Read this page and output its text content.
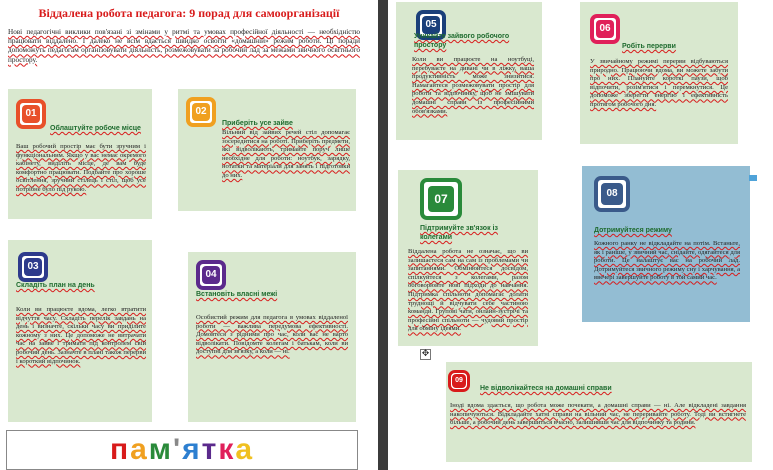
Віддалена робота педагога: 9 порад для самоорганізації
Нові педагогічні виклики пов'язані зі змінами у ритмі та умовах професійної діяльності — необхідністю працювати віддалено. І далеко не всім вдається швидко освоїти «домашній» режим роботи. Ці поради допоможуть педагогам організовувати діяльність, розмежовувати за робочий лад за межами звичного освітнього простору.
01
Облаштуйте робоче місце
Ваш робочий простір має бути зручним і функціональним. Якщо у вас немає окремого кабінету, виділіть місце, де вам буде комфортно працювати. Подбайте про хороше освітлення, зручний стілець і стіл, щоб усе потрібне було під рукою.
02
Приберіть усе зайве
Вільний від зайвих речей стіл допомагає зосередитися на роботі. Приберіть предмети, які відволікають, тримайте поруч лише необхідне для роботи: ноутбук, зарядку, нотатки та матеріали для занять і підготовки до них.
03
Складіть план на день
Коли ви працюєте вдома, легко втратити відчуття часу. Складіть перелік завдань на день і визначте, скільки часу ви приділите кожному з них. Це допоможе не витрачати час на зайве і тримати під контролем свій робочий день. Зазначте в плані також перерви і короткий відпочинок.
04
Встановіть власні межі
Особистий режим для педагога в умовах віддаленої роботи — важлива передумова ефективності. Домовтеся з рідними про час, коли вас не варто відволікати. Повідомте колегам і батькам, коли ви доступні для зв'язку, а коли — ні.
пам'ятка
05
Уникайте зайвого робочого простору
Коли ви працюєте на ноутбуці, перебуваєте на дивані чи в ліжку, ваша продуктивність може знизитися. Намагайтеся розмежовувати простір для роботи та відпочинку, щоб не змішувати домашні справи із професійними обов'язками.
06
Робіть перерви
У звичайному режимі перерви відбуваються природно. Працюючи вдома, ви можете забути про них. Плануйте короткі паузи, щоб відпочити, розім'ятися і перемкнутися. Це допоможе зберегти енергію і ефективність протягом робочого дня.
07
Підтримуйте зв'язок із колегами
Віддалена робота не означає, що ви залишаєтеся сам на сам із проблемами чи запитаннями. Обмінюйтеся досвідом, спілкуйтеся з колегами, разом обговорюйте нові підходи до навчання. Підтримка спільноти допомагає долати труднощі й відчувати себе частиною команди. Групові чати, онлайн-зустрічі та професійні спільноти — чудовий простір для обміну ідеями.
08
Дотримуйтеся режиму
Кожного ранку не відкладайте на потім. Встаньте, як і раніше, у звичний час, снідайте, одягайтеся для роботи. Це налаштує вас на робочий лад. Дотримуйтеся звичного режиму сну і харчування, а ввечері завершуйте роботу в той самий час.
09
Не відволікайтеся на домашні справи
Іноді вдома здається, що робота може почекати, а домашні справи — ні. Але відкладені завдання накопичуються. Відкладайте хатні справи на вільний час, не переривайте роботу. Тоді ви встигнете більше, а робочий день завершиться вчасно, залишивши час для відпочинку та родини.
✥
